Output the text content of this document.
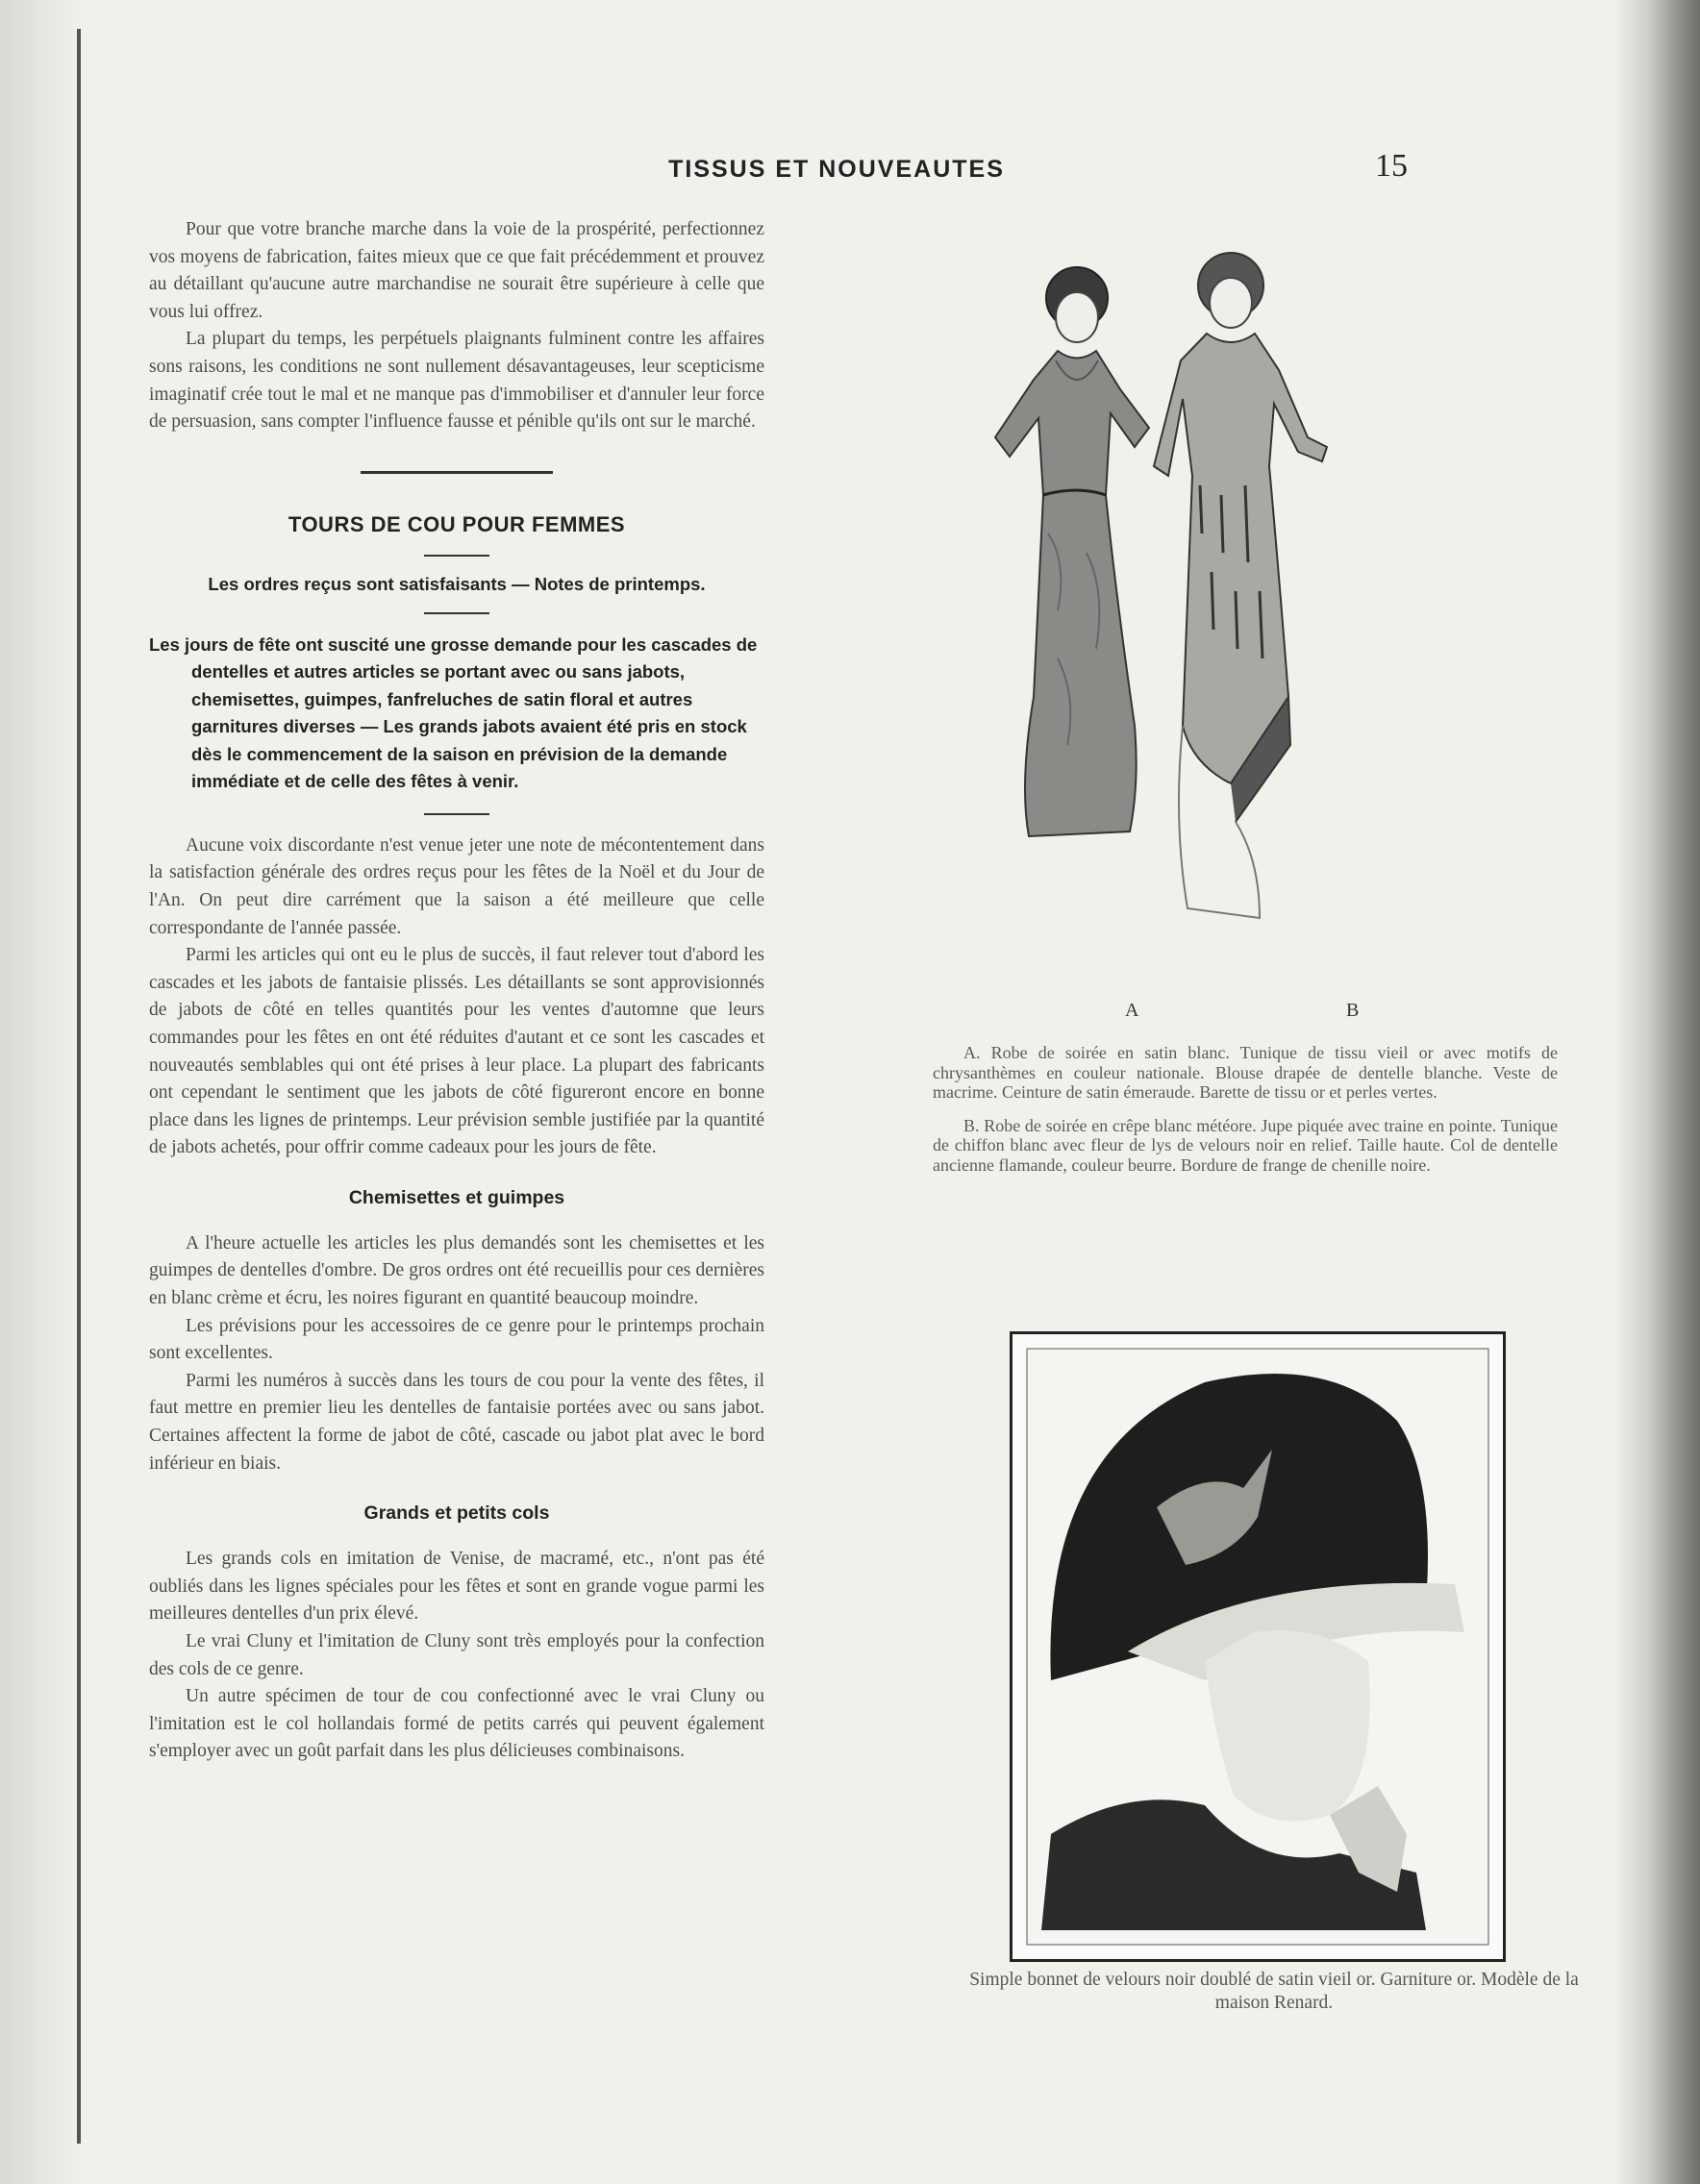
TISSUS ET NOUVEAUTES	15

Pour que votre branche marche dans la voie de la prospérité, perfectionnez vos moyens de fabrication, faites mieux que ce que fait précédemment et prouvez au détaillant qu'aucune autre marchandise ne sourait être supérieure à celle que vous lui offrez.

La plupart du temps, les perpétuels plaignants fulminent contre les affaires sons raisons, les conditions ne sont nullement désavantageuses, leur scepticisme imaginatif crée tout le mal et ne manque pas d'immobiliser et d'annuler leur force de persuasion, sans compter l'influence fausse et pénible qu'ils ont sur le marché.

TOURS DE COU POUR FEMMES

Les ordres reçus sont satisfaisants — Notes de printemps.

Les jours de fête ont suscité une grosse demande pour les cascades de dentelles et autres articles se portant avec ou sans jabots, chemisettes, guimpes, fanfreluches de satin floral et autres garnitures diverses — Les grands jabots avaient été pris en stock dès le commencement de la saison en prévision de la demande immédiate et de celle des fêtes à venir.

Aucune voix discordante n'est venue jeter une note de mécontentement dans la satisfaction générale des ordres reçus pour les fêtes de la Noël et du Jour de l'An. On peut dire carrément que la saison a été meilleure que celle correspondante de l'année passée.

Parmi les articles qui ont eu le plus de succès, il faut relever tout d'abord les cascades et les jabots de fantaisie plissés. Les détaillants se sont approvisionnés de jabots de côté en telles quantités pour les ventes d'automne que leurs commandes pour les fêtes en ont été réduites d'autant et ce sont les cascades et nouveautés semblables qui ont été prises à leur place. La plupart des fabricants ont cependant le sentiment que les jabots de côté figureront encore en bonne place dans les lignes de printemps. Leur prévision semble justifiée par la quantité de jabots achetés, pour offrir comme cadeaux pour les jours de fête.

Chemisettes et guimpes

A l'heure actuelle les articles les plus demandés sont les chemisettes et les guimpes de dentelles d'ombre. De gros ordres ont été recueillis pour ces dernières en blanc crème et écru, les noires figurant en quantité beaucoup moindre.

Les prévisions pour les accessoires de ce genre pour le printemps prochain sont excellentes.

Parmi les numéros à succès dans les tours de cou pour la vente des fêtes, il faut mettre en premier lieu les dentelles de fantaisie portées avec ou sans jabot. Certaines affectent la forme de jabot de côté, cascade ou jabot plat avec le bord inférieur en biais.

Grands et petits cols

Les grands cols en imitation de Venise, de macramé, etc., n'ont pas été oubliés dans les lignes spéciales pour les fêtes et sont en grande vogue parmi les meilleures dentelles d'un prix élevé.

Le vrai Cluny et l'imitation de Cluny sont très employés pour la confection des cols de ce genre.

Un autre spécimen de tour de cou confectionné avec le vrai Cluny ou l'imitation est le col hollandais formé de petits carrés qui peuvent également s'employer avec un goût parfait dans les plus délicieuses combinaisons.

A	B

A. Robe de soirée en satin blanc. Tunique de tissu vieil or avec motifs de chrysanthèmes en couleur nationale. Blouse drapée de dentelle blanche. Veste de macrime. Ceinture de satin émeraude. Barette de tissu or et perles vertes.

B. Robe de soirée en crêpe blanc météore. Jupe piquée avec traine en pointe. Tunique de chiffon blanc avec fleur de lys de velours noir en relief. Taille haute. Col de dentelle ancienne flamande, couleur beurre. Bordure de frange de chenille noire.

Simple bonnet de velours noir doublé de satin vieil or. Garniture or. Modèle de la maison Renard.
